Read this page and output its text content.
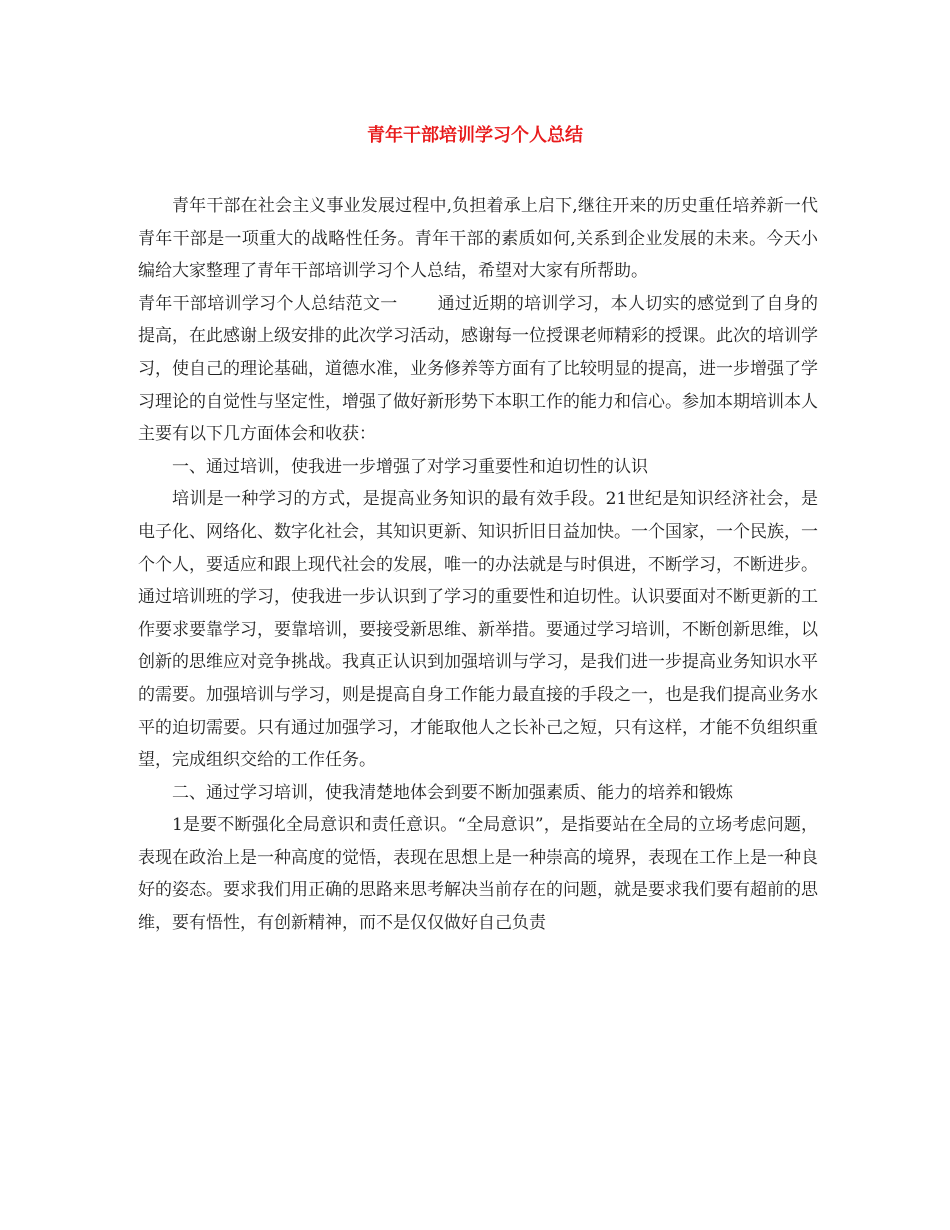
青年干部培训学习个人总结

青年干部在社会主义事业发展过程中,负担着承上启下,继往开来的历史重任培养新一代青年干部是一项重大的战略性任务。青年干部的素质如何,关系到企业发展的未来。今天小编给大家整理了青年干部培训学习个人总结，希望对大家有所帮助。

青年干部培训学习个人总结范文一 通过近期的培训学习，本人切实的感觉到了自身的提高，在此感谢上级安排的此次学习活动，感谢每一位授课老师精彩的授课。此次的培训学习，使自己的理论基础，道德水准，业务修养等方面有了比较明显的提高，进一步增强了学习理论的自觉性与坚定性，增强了做好新形势下本职工作的能力和信心。参加本期培训本人主要有以下几方面体会和收获：

一、通过培训，使我进一步增强了对学习重要性和迫切性的认识

培训是一种学习的方式，是提高业务知识的最有效手段。21世纪是知识经济社会，是电子化、网络化、数字化社会，其知识更新、知识折旧日益加快。一个国家，一个民族，一个个人，要适应和跟上现代社会的发展，唯一的办法就是与时俱进，不断学习，不断进步。通过培训班的学习，使我进一步认识到了学习的重要性和迫切性。认识要面对不断更新的工作要求要靠学习，要靠培训，要接受新思维、新举措。要通过学习培训，不断创新思维，以创新的思维应对竞争挑战。我真正认识到加强培训与学习，是我们进一步提高业务知识水平的需要。加强培训与学习，则是提高自身工作能力最直接的手段之一，也是我们提高业务水平的迫切需要。只有通过加强学习，才能取他人之长补己之短，只有这样，才能不负组织重望，完成组织交给的工作任务。

二、通过学习培训，使我清楚地体会到要不断加强素质、能力的培养和锻炼

1是要不断强化全局意识和责任意识。“全局意识”，是指要站在全局的立场考虑问题，表现在政治上是一种高度的觉悟，表现在思想上是一种崇高的境界，表现在工作上是一种良好的姿态。要求我们用正确的思路来思考解决当前存在的问题，就是要求我们要有超前的思维，要有悟性，有创新精神，而不是仅仅做好自己负责
